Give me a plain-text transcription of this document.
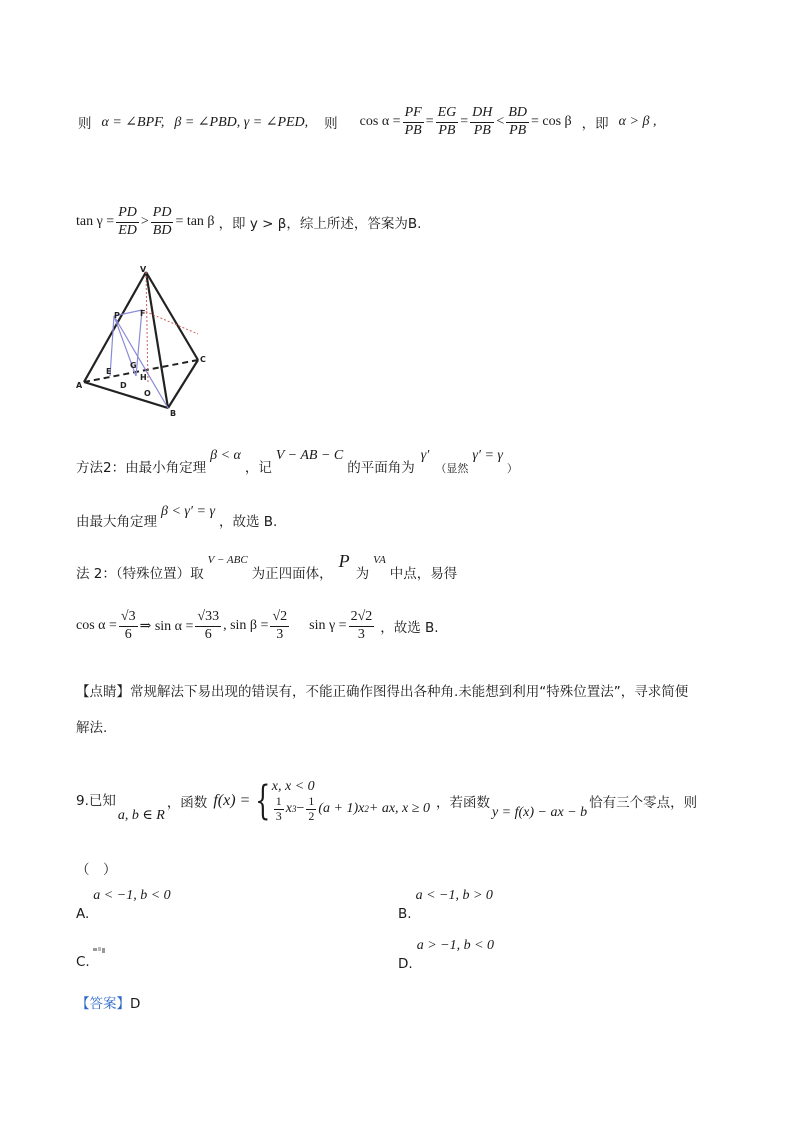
则 α = ∠BPF, β = ∠PBD, γ = ∠PED, 则 $\cos \alpha = \frac{PF}{PB} = \frac{EG}{PB} = \frac{DH}{PB} < \frac{BD}{PB} = \cos \beta$ ，即 α > β ,
$\tan \gamma = \frac{PD}{ED} > \frac{PD}{BD} = \tan \beta$ ，即 y > β，综上所述，答案为B.
V
P	F
C
A
E
G
H
D
O
B
方法2：由最小角定理
β < α
，记
V − AB − C
的平面角为
γ′
（显然
γ′ = γ
）
由最大角定理
β < γ′ = γ
，故选 B.
法 2：（特殊位置）取
V − ABC
为正四面体，
P
为
VA
中点，易得
$\cos \alpha = \frac{√3}{6}$ ⇒ $\sin \alpha = \frac{√33}{6}$ , $\sin \beta = \frac{√2}{3}$ $\sin \gamma = \frac{2√2}{3}$ ，故选 B.
【点睛】常规解法下易出现的错误有，不能正确作图得出各种角.未能想到利用“特殊位置法”，寻求简便
解法.
9.已知
a, b ∈ R
，函数 f(x) = { x, x < 0
$\frac{1}{3}$ x $3 - \frac{1}{2} (a + 1)x$ 2 + ax, x ≥ 0 ，若函数
y = f(x) − ax − b
恰有三个零点，则
（　）
A.
a < −1, b < 0
B.
a < −1, b > 0
C.	D.
a > −1, b < 0
【答案】D
